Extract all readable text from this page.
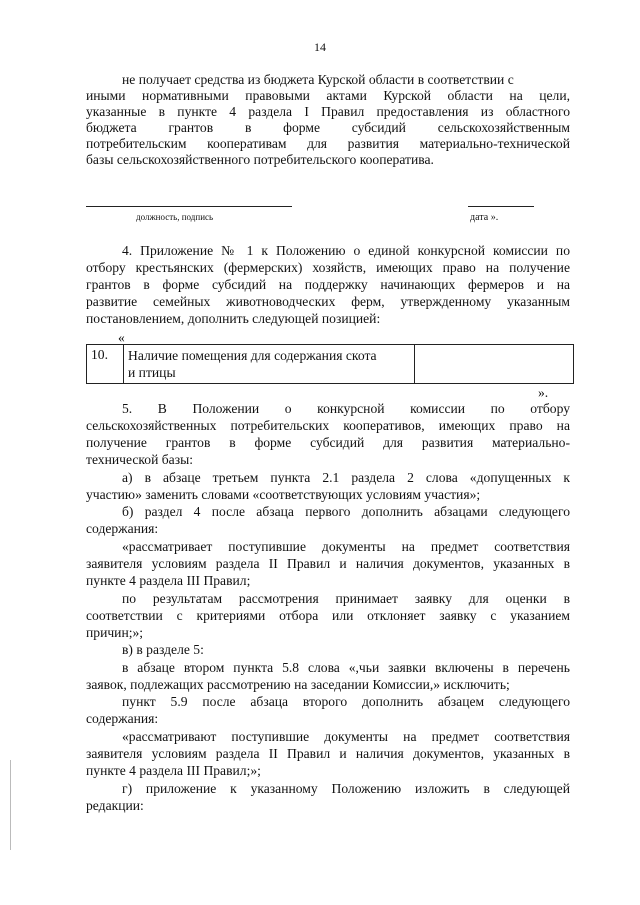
14
не получает средства из бюджета Курской области в соответствии с
иными нормативными правовыми актами Курской области на цели,
указанные в пункте 4 раздела I Правил предоставления из областного
бюджета грантов в форме субсидий сельскохозяйственным
потребительским кооперативам для развития материально-технической
базы сельскохозяйственного потребительского кооператива.
должность, подпись	дата ».
4. Приложение № 1 к Положению о единой конкурсной комиссии по
отбору крестьянских (фермерских) хозяйств, имеющих право на получение
грантов в форме субсидий на поддержку начинающих фермеров и на
развитие семейных животноводческих ферм, утвержденному указанным
постановлением, дополнить следующей позицией:
«
10.	Наличие помещения для содержания скота
и птицы	
».
5. В Положении о конкурсной комиссии по отбору
сельскохозяйственных потребительских кооперативов, имеющих право на
получение грантов в форме субсидий для развития материально-
технической базы:
а) в абзаце третьем пункта 2.1 раздела 2 слова «допущенных к
участию» заменить словами «соответствующих условиям участия»;
б) раздел 4 после абзаца первого дополнить абзацами следующего
содержания:
«рассматривает поступившие документы на предмет соответствия
заявителя условиям раздела II Правил и наличия документов, указанных в
пункте 4 раздела III Правил;
по результатам рассмотрения принимает заявку для оценки в
соответствии с критериями отбора или отклоняет заявку с указанием
причин;»;
в) в разделе 5:
в абзаце втором пункта 5.8 слова «,чьи заявки включены в перечень
заявок, подлежащих рассмотрению на заседании Комиссии,» исключить;
пункт 5.9 после абзаца второго дополнить абзацем следующего
содержания:
«рассматривают поступившие документы на предмет соответствия
заявителя условиям раздела II Правил и наличия документов, указанных в
пункте 4 раздела III Правил;»;
г) приложение к указанному Положению изложить в следующей
редакции:
